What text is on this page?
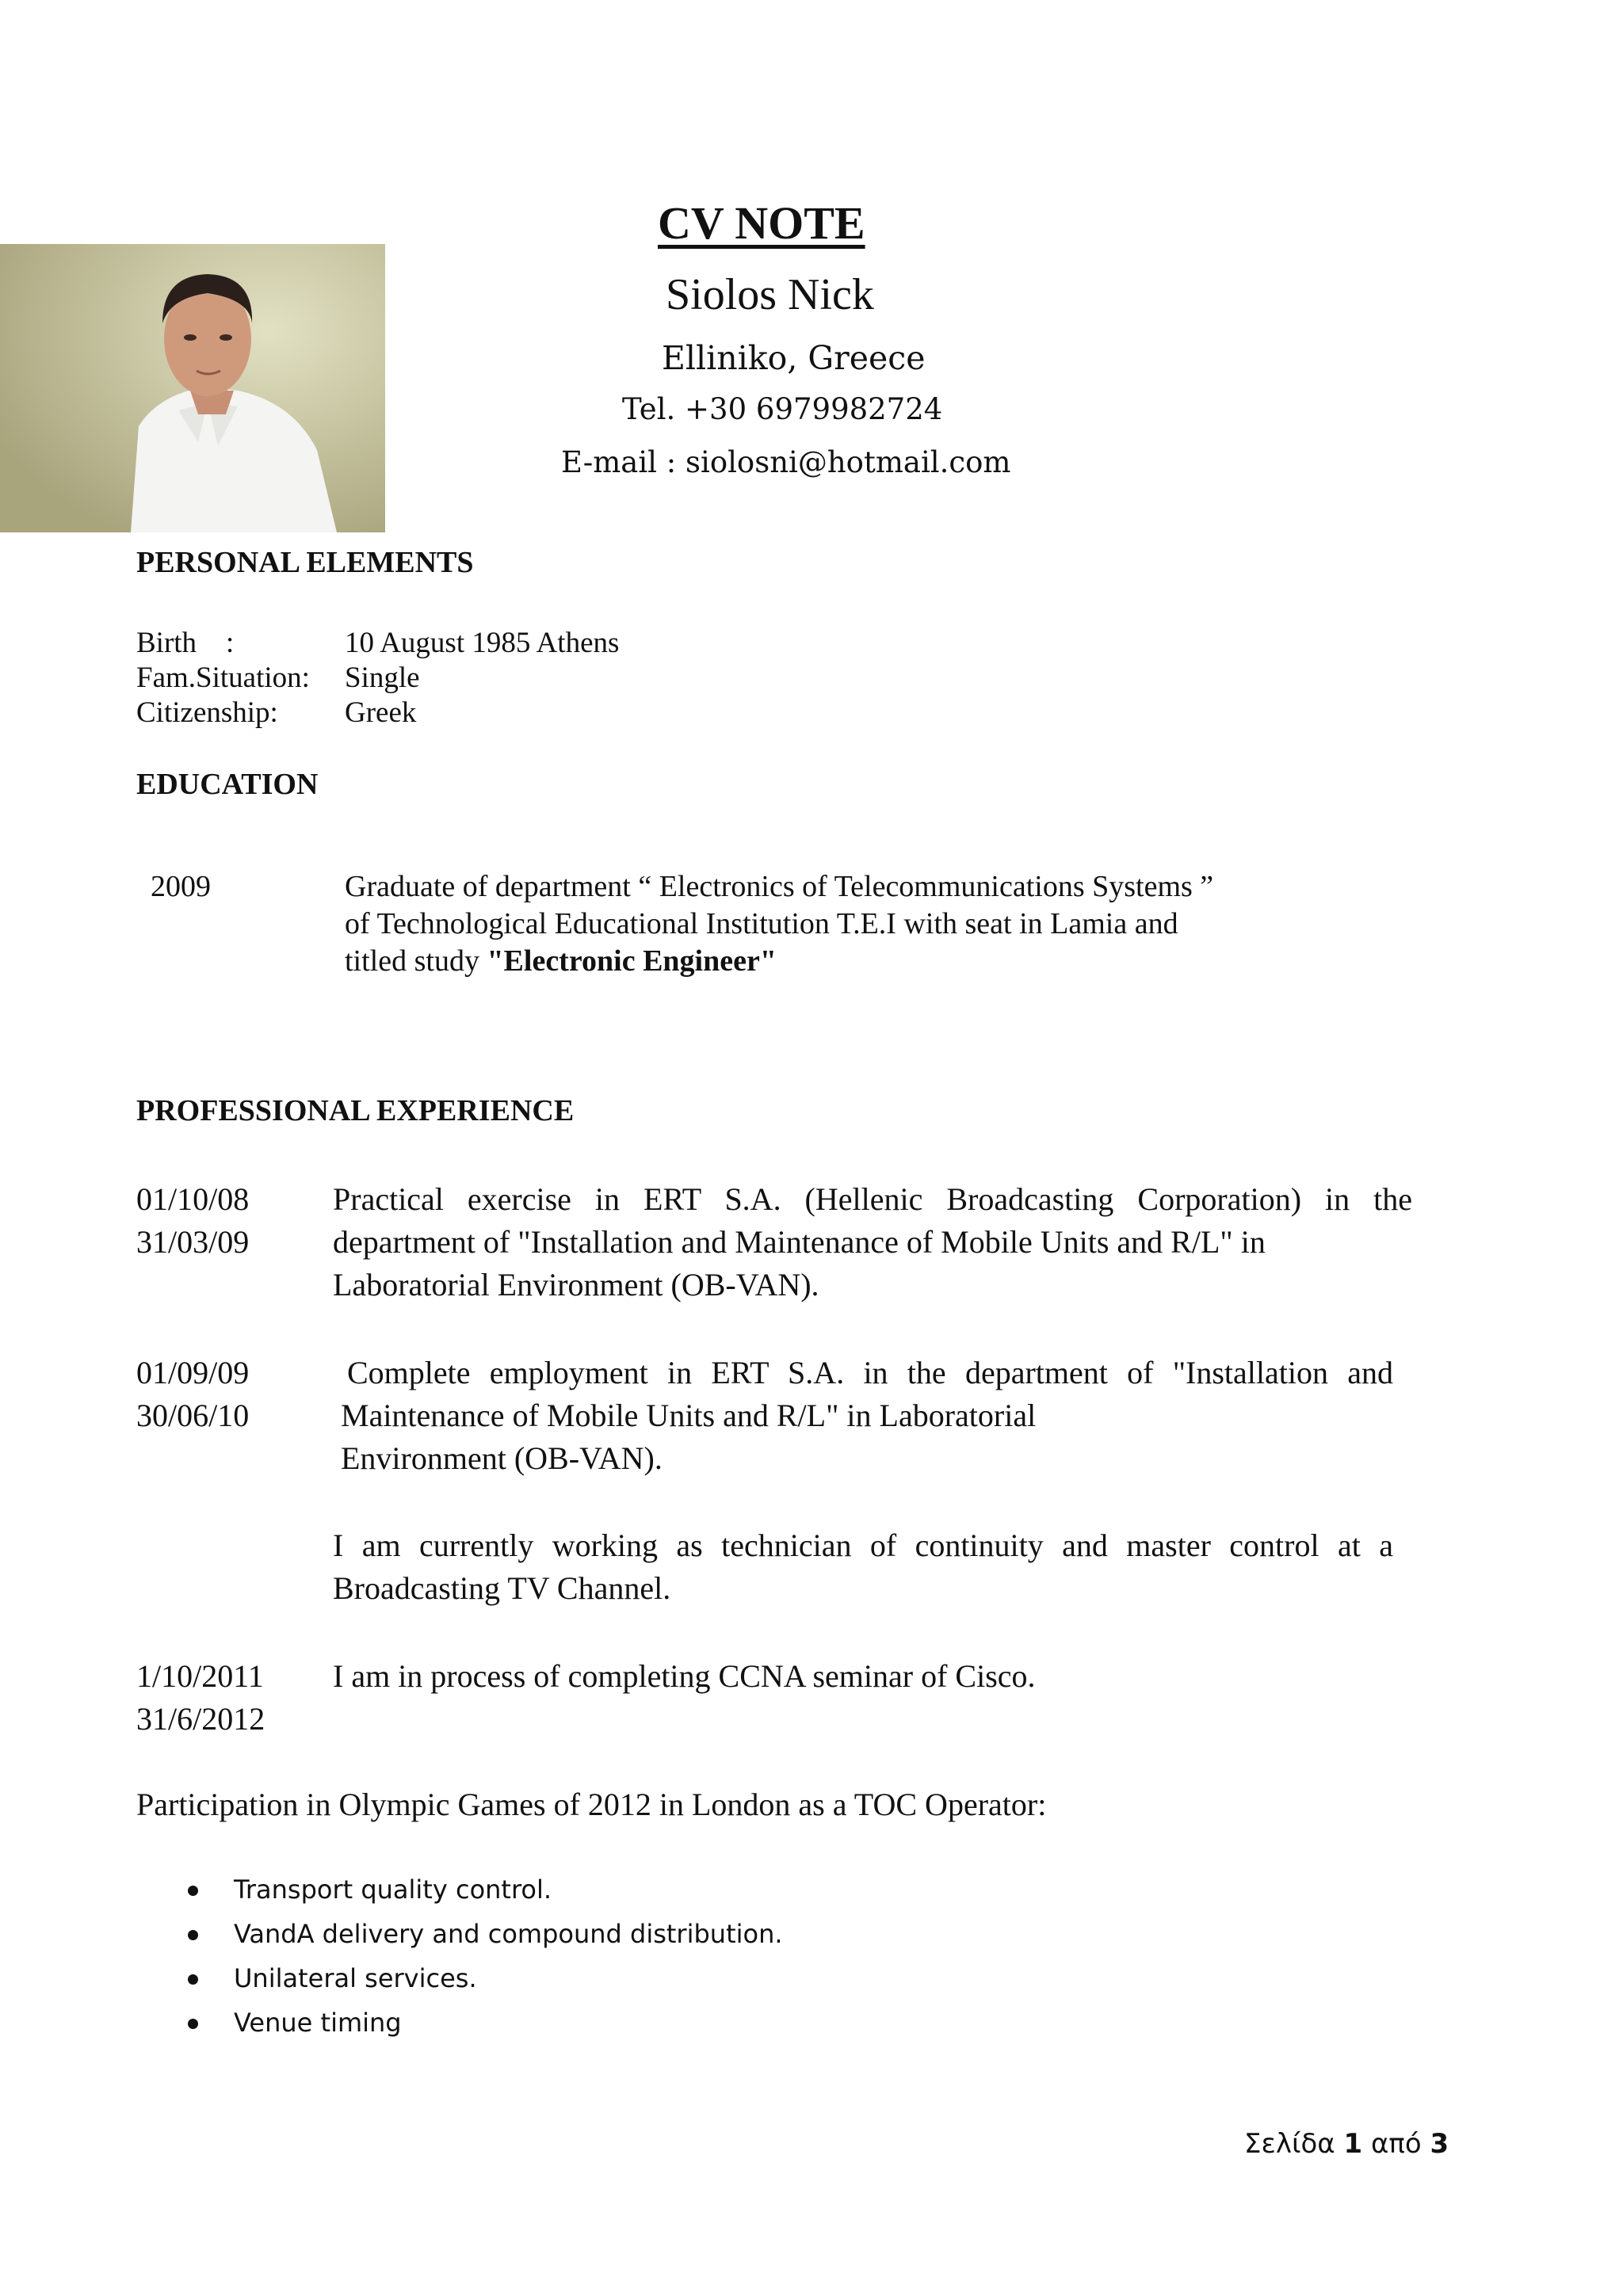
CV NOTE
Siolos Nick
Elliniko, Greece
Tel. +30 6979982724
E-mail : siolosni@hotmail.com
PERSONAL ELEMENTS
Birth    :	10 August 1985 Athens
Fam.Situation: Single
Citizenship: Greek
EDUCATION
2009	Graduate of department “ Electronics of Telecommunications Systems ”
of Technological Educational Institution T.E.I with seat in Lamia and
titled study "Electronic Engineer"
PROFESSIONAL EXPERIENCE
01/10/08
31/03/09
Practical exercise in ERT S.A. (Hellenic Broadcasting Corporation) in the
department of "Installation and Maintenance of Mobile Units and R/L" in
Laboratorial Environment (OB-VAN).
01/09/09
30/06/10
Complete employment in ERT S.A. in the department of "Installation and
Maintenance of Mobile Units and R/L" in Laboratorial
Environment (OB-VAN).
I am currently working as technician of continuity and master control at a
Broadcasting TV Channel.
1/10/2011
31/6/2012
I am in process of completing CCNA seminar of Cisco.
Participation in Olympic Games of 2012 in London as a TOC Operator:
Transport quality control.
VandA delivery and compound distribution.
Unilateral services.
Venue timing
Σελίδα 1 από 3
